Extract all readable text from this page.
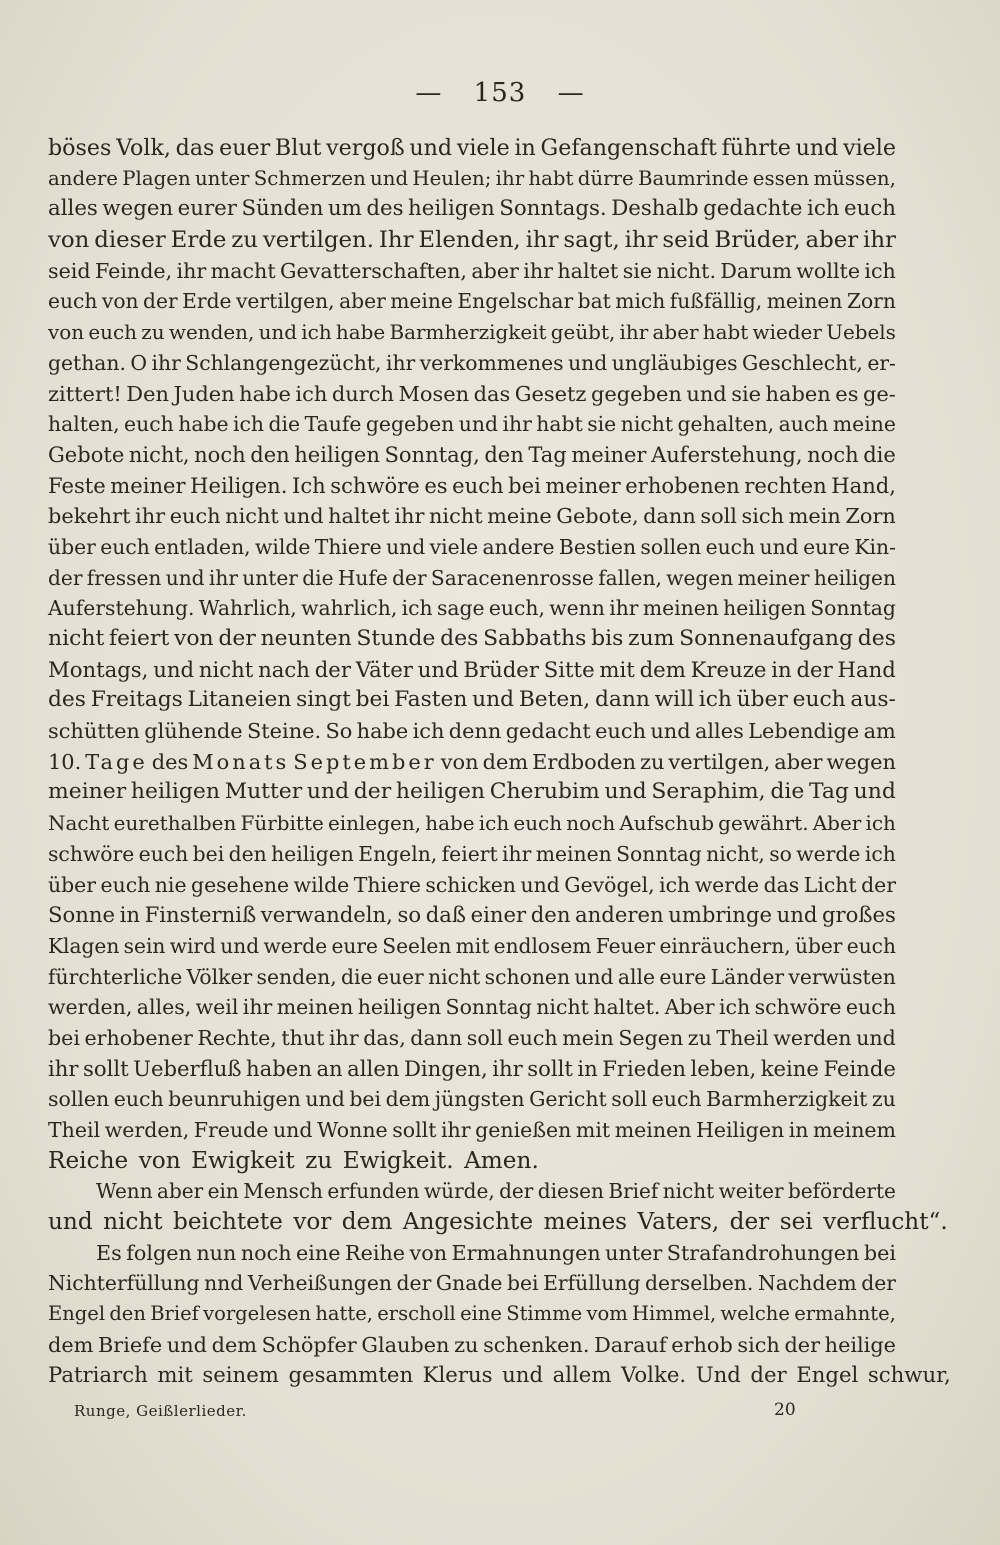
— 153 —
böses Volk, das euer Blut vergoß und viele in Gefangenschaft führte und viele
andere Plagen unter Schmerzen und Heulen; ihr habt dürre Baumrinde essen müssen,
alles wegen eurer Sünden um des heiligen Sonntags. Deshalb gedachte ich euch
von dieser Erde zu vertilgen. Ihr Elenden, ihr sagt, ihr seid Brüder, aber ihr
seid Feinde, ihr macht Gevatterschaften, aber ihr haltet sie nicht. Darum wollte ich
euch von der Erde vertilgen, aber meine Engelschar bat mich fußfällig, meinen Zorn
von euch zu wenden, und ich habe Barmherzigkeit geübt, ihr aber habt wieder Uebels
gethan. O ihr Schlangengezücht, ihr verkommenes und ungläubiges Geschlecht, er-
zittert! Den Juden habe ich durch Mosen das Gesetz gegeben und sie haben es ge-
halten, euch habe ich die Taufe gegeben und ihr habt sie nicht gehalten, auch meine
Gebote nicht, noch den heiligen Sonntag, den Tag meiner Auferstehung, noch die
Feste meiner Heiligen. Ich schwöre es euch bei meiner erhobenen rechten Hand,
bekehrt ihr euch nicht und haltet ihr nicht meine Gebote, dann soll sich mein Zorn
über euch entladen, wilde Thiere und viele andere Bestien sollen euch und eure Kin-
der fressen und ihr unter die Hufe der Saracenenrosse fallen, wegen meiner heiligen
Auferstehung. Wahrlich, wahrlich, ich sage euch, wenn ihr meinen heiligen Sonntag
nicht feiert von der neunten Stunde des Sabbaths bis zum Sonnenaufgang des
Montags, und nicht nach der Väter und Brüder Sitte mit dem Kreuze in der Hand
des Freitags Litaneien singt bei Fasten und Beten, dann will ich über euch aus-
schütten glühende Steine. So habe ich denn gedacht euch und alles Lebendige am
10. Tage des Monats September von dem Erdboden zu vertilgen, aber wegen
meiner heiligen Mutter und der heiligen Cherubim und Seraphim, die Tag und
Nacht eurethalben Fürbitte einlegen, habe ich euch noch Aufschub gewährt. Aber ich
schwöre euch bei den heiligen Engeln, feiert ihr meinen Sonntag nicht, so werde ich
über euch nie gesehene wilde Thiere schicken und Gevögel, ich werde das Licht der
Sonne in Finsterniß verwandeln, so daß einer den anderen umbringe und großes
Klagen sein wird und werde eure Seelen mit endlosem Feuer einräuchern, über euch
fürchterliche Völker senden, die euer nicht schonen und alle eure Länder verwüsten
werden, alles, weil ihr meinen heiligen Sonntag nicht haltet. Aber ich schwöre euch
bei erhobener Rechte, thut ihr das, dann soll euch mein Segen zu Theil werden und
ihr sollt Ueberfluß haben an allen Dingen, ihr sollt in Frieden leben, keine Feinde
sollen euch beunruhigen und bei dem jüngsten Gericht soll euch Barmherzigkeit zu
Theil werden, Freude und Wonne sollt ihr genießen mit meinen Heiligen in meinem
Reiche von Ewigkeit zu Ewigkeit. Amen.
Wenn aber ein Mensch erfunden würde, der diesen Brief nicht weiter beförderte
und nicht beichtete vor dem Angesichte meines Vaters, der sei verflucht“.
Es folgen nun noch eine Reihe von Ermahnungen unter Strafandrohungen bei
Nichterfüllung nnd Verheißungen der Gnade bei Erfüllung derselben. Nachdem der
Engel den Brief vorgelesen hatte, erscholl eine Stimme vom Himmel, welche ermahnte,
dem Briefe und dem Schöpfer Glauben zu schenken. Darauf erhob sich der heilige
Patriarch mit seinem gesammten Klerus und allem Volke. Und der Engel schwur,
Runge, Geißlerlieder.	20
